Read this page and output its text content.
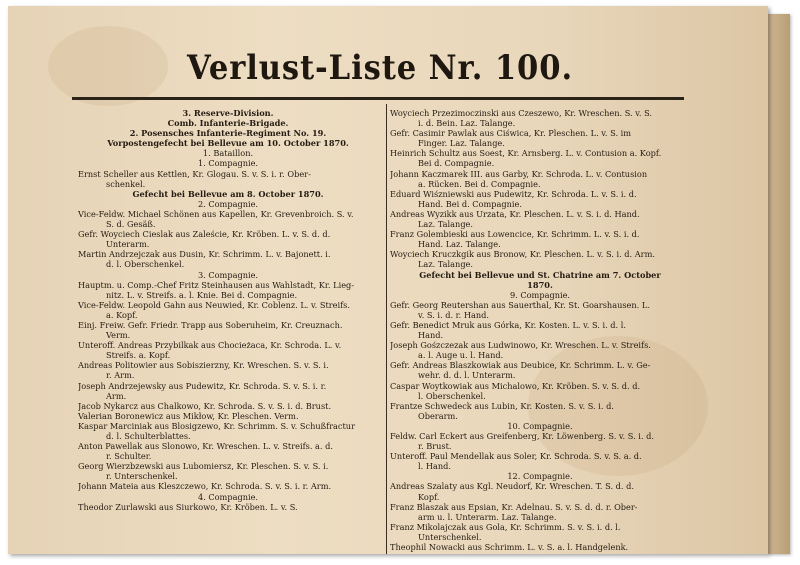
Verlust-Liste Nr. 100.
3. Reserve-Division.
Comb. Infanterie-Brigade.
2. Posensches Infanterie-Regiment No. 19.
Vorpostengefecht bei Bellevue am 10. October 1870.
1. Bataillon.
1. Compagnie.
Ernst Scheller aus Kettlen, Kr. Glogau. S. v. S. i. r. Ober-
schenkel.
Gefecht bei Bellevue am 8. October 1870.
2. Compagnie.
Vice-Feldw. Michael Schönen aus Kapellen, Kr. Grevenbroich. S. v.
S. d. Gesäß.
Gefr. Woyciech Cieslak aus Zaleście, Kr. Kröben. L. v. S. d. d.
Unterarm.
Martin Andrzejczak aus Dusin, Kr. Schrimm. L. v. Bajonett. i.
d. l. Oberschenkel.
3. Compagnie.
Hauptm. u. Comp.-Chef Fritz Steinhausen aus Wahlstadt, Kr. Lieg-
nitz. L. v. Streifs. a. l. Knie. Bei d. Compagnie.
Vice-Feldw. Leopold Gahn aus Neuwied, Kr. Coblenz. L. v. Streifs.
a. Kopf.
Einj. Freiw. Gefr. Friedr. Trapp aus Soberuheim, Kr. Creuznach.
Verm.
Unteroff. Andreas Przybilkak aus Chocieżaca, Kr. Schroda. L. v.
Streifs. a. Kopf.
Andreas Politowier aus Sobiszierzny, Kr. Wreschen. S. v. S. i.
r. Arm.
Joseph Andrzejewsky aus Pudewitz, Kr. Schroda. S. v. S. i. r.
Arm.
Jacob Nykarcz aus Chalkowo, Kr. Schroda. S. v. S. i. d. Brust.
Valerian Boronewicz aus Mikłow, Kr. Pleschen. Verm.
Kaspar Marciniak aus Blosigzewo, Kr. Schrimm. S. v. Schußfractur
d. l. Schulterblattes.
Anton Pawellak aus Slonowo, Kr. Wreschen. L. v. Streifs. a. d.
r. Schulter.
Georg Wierzbzewski aus Lubomiersz, Kr. Pleschen. S. v. S. i.
r. Unterschenkel.
Johann Mateia aus Kleszczewo, Kr. Schroda. S. v. S. i. r. Arm.
4. Compagnie.
Theodor Zurlawski aus Siurkowo, Kr. Kröben. L. v. S.
Woyciech Przezimoczinski aus Czeszewo, Kr. Wreschen. S. v. S.
i. d. Bein. Laz. Talange.
Gefr. Casimir Pawlak aus Ciświca, Kr. Pleschen. L. v. S. im
Finger. Laz. Talange.
Heinrich Schultz aus Soest, Kr. Arnsberg. L. v. Contusion a. Kopf.
Bei d. Compagnie.
Johann Kaczmarek III. aus Garby, Kr. Schroda. L. v. Contusion
a. Rücken. Bei d. Compagnie.
Eduard Wiśzniewski aus Pudewitz, Kr. Schroda. L. v. S. i. d.
Hand. Bei d. Compagnie.
Andreas Wyzikk aus Urzata, Kr. Pleschen. L. v. S. i. d. Hand.
Laz. Talange.
Franz Golembieski aus Lowencice, Kr. Schrimm. L. v. S. i. d.
Hand. Laz. Talange.
Woyciech Kruczkgik aus Bronow, Kr. Pleschen. L. v. S. i. d. Arm.
Laz. Talange.
Gefecht bei Bellevue und St. Chatrine am 7. October
1870.
9. Compagnie.
Gefr. Georg Reutershan aus Sauerthal, Kr. St. Goarshausen. L.
v. S. i. d. r. Hand.
Gefr. Benedict Mruk aus Górka, Kr. Kosten. L. v. S. i. d. l.
Hand.
Joseph Gośzczezak aus Ludwinowo, Kr. Wreschen. L. v. Streifs.
a. l. Auge u. l. Hand.
Gefr. Andreas Blaszkowiak aus Deubice, Kr. Schrimm. L. v. Ge-
wehr. d. d. l. Unterarm.
Caspar Woytkowiak aus Michalowo, Kr. Kröben. S. v. S. d. d.
l. Oberschenkel.
Frantze Schwedeck aus Lubin, Kr. Kosten. S. v. S. i. d.
Oberarm.
10. Compagnie.
Feldw. Carl Eckert aus Greifenberg, Kr. Löwenberg. S. v. S. i. d.
r. Brust.
Unteroff. Paul Mendellak aus Soler, Kr. Schroda. S. v. S. a. d.
l. Hand.
12. Compagnie.
Andreas Szalaty aus Kgl. Neudorf, Kr. Wreschen. T. S. d. d.
Kopf.
Franz Blaszak aus Epsian, Kr. Adelnau. S. v. S. d. d. r. Ober-
arm u. l. Unterarm. Laz. Talange.
Franz Mikolajczak aus Gola, Kr. Schrimm. S. v. S. i. d. l.
Unterschenkel.
Theophil Nowacki aus Schrimm. L. v. S. a. l. Handgelenk.
